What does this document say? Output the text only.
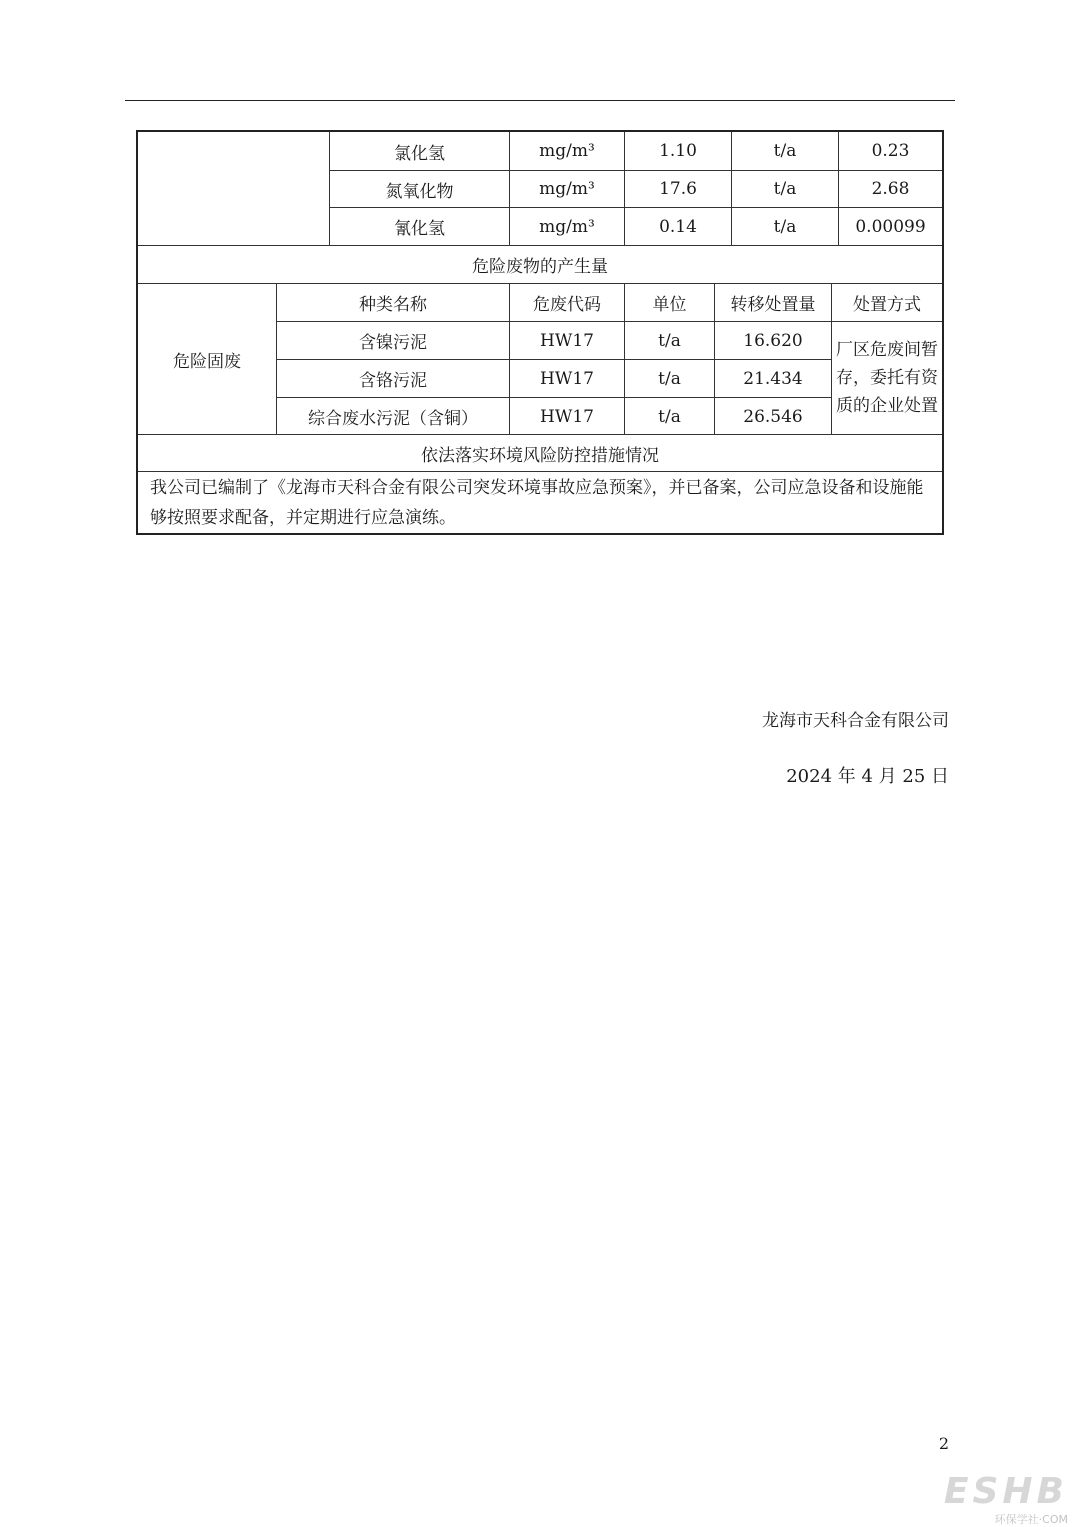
氯化氢	mg/m³	1.10	t/a	0.23
氮氧化物	mg/m³	17.6	t/a	2.68
氰化氢	mg/m³	0.14	t/a	0.00099
危险废物的产生量
危险固废
种类名称	危废代码	单位	转移处置量	处置方式
含镍污泥	HW17	t/a	16.620
含铬污泥	HW17	t/a	21.434
综合废水污泥（含铜）	HW17	t/a	26.546
厂区危废间暂存，委托有资质的企业处置
依法落实环境风险防控措施情况
我公司已编制了《龙海市天科合金有限公司突发环境事故应急预案》，并已备案，公司应急设备和设施能够按照要求配备，并定期进行应急演练。
龙海市天科合金有限公司
2024 年 4 月 25 日
2
ESHB
环保学社·COM
